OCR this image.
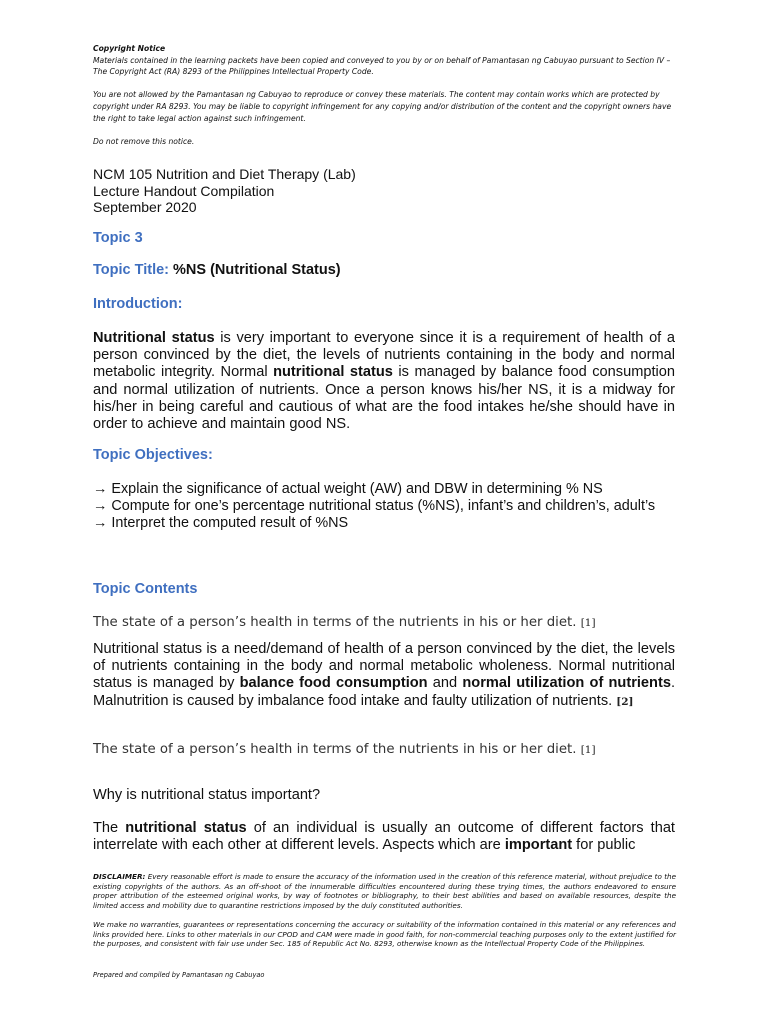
Copyright Notice
Materials contained in the learning packets have been copied and conveyed to you by or on behalf of Pamantasan ng Cabuyao pursuant to Section IV – The Copyright Act (RA) 8293 of the Philippines Intellectual Property Code.
You are not allowed by the Pamantasan ng Cabuyao to reproduce or convey these materials. The content may contain works which are protected by copyright under RA 8293. You may be liable to copyright infringement for any copying and/or distribution of the content and the copyright owners have the right to take legal action against such infringement.
Do not remove this notice.
NCM 105 Nutrition and Diet Therapy (Lab)
Lecture Handout Compilation
September 2020
Topic 3
Topic Title: %NS (Nutritional Status)
Introduction:
Nutritional status is very important to everyone since it is a requirement of health of a person convinced by the diet, the levels of nutrients containing in the body and normal metabolic integrity. Normal nutritional status is managed by balance food consumption and normal utilization of nutrients. Once a person knows his/her NS, it is a midway for his/her in being careful and cautious of what are the food intakes he/she should have in order to achieve and maintain good NS.
Topic Objectives:
→ Explain the significance of actual weight (AW) and DBW in determining % NS
→ Compute for one’s percentage nutritional status (%NS), infant’s and children’s, adult’s
→ Interpret the computed result of %NS
Topic Contents
The state of a person’s health in terms of the nutrients in his or her diet. [1]
Nutritional status is a need/demand of health of a person convinced by the diet, the levels of nutrients containing in the body and normal metabolic wholeness. Normal nutritional status is managed by balance food consumption and normal utilization of nutrients. Malnutrition is caused by imbalance food intake and faulty utilization of nutrients. [2]
The state of a person’s health in terms of the nutrients in his or her diet. [1]
Why is nutritional status important?
The nutritional status of an individual is usually an outcome of different factors that interrelate with each other at different levels. Aspects which are important for public
DISCLAIMER: Every reasonable effort is made to ensure the accuracy of the information used in the creation of this reference material, without prejudice to the existing copyrights of the authors. As an off-shoot of the innumerable difficulties encountered during these trying times, the authors endeavored to ensure proper attribution of the esteemed original works, by way of footnotes or bibliography, to their best abilities and based on available resources, despite the limited access and mobility due to quarantine restrictions imposed by the duly constituted authorities.
We make no warranties, guarantees or representations concerning the accuracy or suitability of the information contained in this material or any references and links provided here. Links to other materials in our CPOD and CAM were made in good faith, for non-commercial teaching purposes only to the extent justified for the purposes, and consistent with fair use under Sec. 185 of Republic Act No. 8293, otherwise known as the Intellectual Property Code of the Philippines.
Prepared and compiled by Pamantasan ng Cabuyao
